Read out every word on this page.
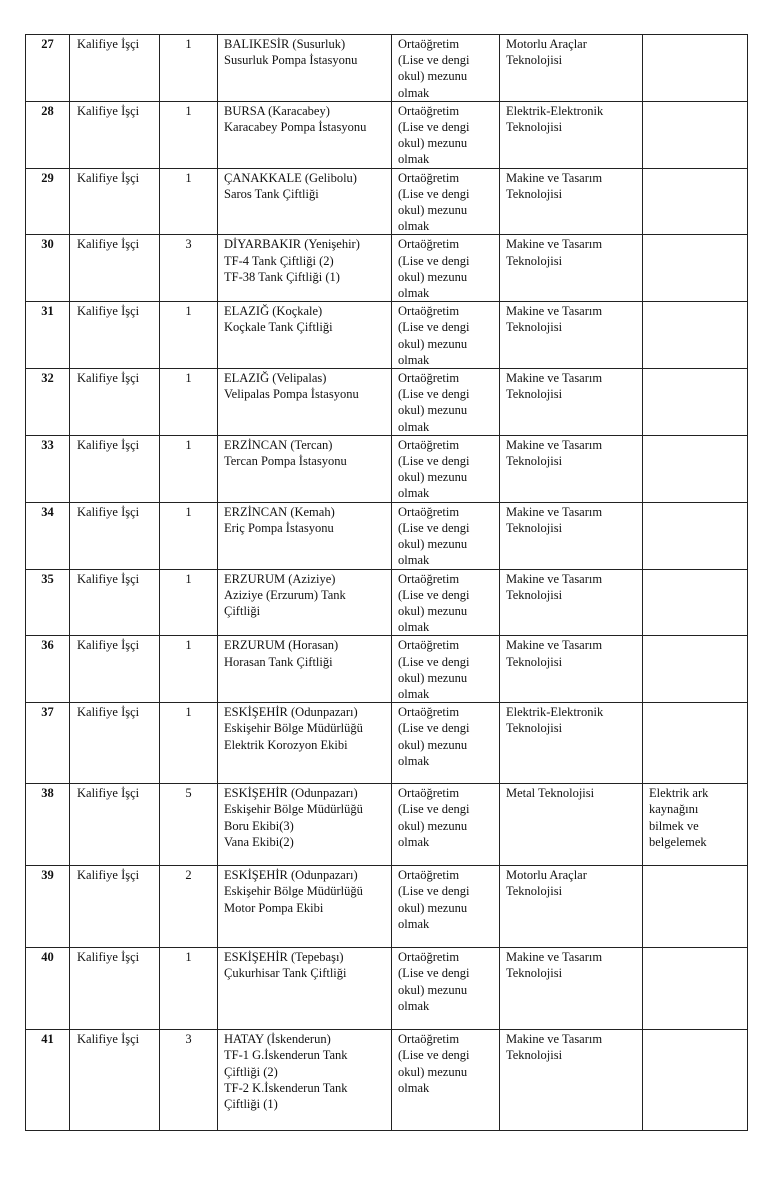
27	Kalifiye İşçi	1	BALIKESİR (Susurluk)
Susurluk Pompa İstasyonu	Ortaöğretim
(Lise ve dengi
okul) mezunu
olmak	Motorlu Araçlar
Teknolojisi	

28	Kalifiye İşçi	1	BURSA (Karacabey)
Karacabey Pompa İstasyonu	Ortaöğretim
(Lise ve dengi
okul) mezunu
olmak	Elektrik-Elektronik
Teknolojisi	

29	Kalifiye İşçi	1	ÇANAKKALE (Gelibolu)
Saros Tank Çiftliği	Ortaöğretim
(Lise ve dengi
okul) mezunu
olmak	Makine ve Tasarım
Teknolojisi	

30	Kalifiye İşçi	3	DİYARBAKIR (Yenişehir)
TF-4 Tank Çiftliği (2)
TF-38 Tank Çiftliği (1)	Ortaöğretim
(Lise ve dengi
okul) mezunu
olmak	Makine ve Tasarım
Teknolojisi	

31	Kalifiye İşçi	1	ELAZIĞ (Koçkale)
Koçkale Tank Çiftliği	Ortaöğretim
(Lise ve dengi
okul) mezunu
olmak	Makine ve Tasarım
Teknolojisi	

32	Kalifiye İşçi	1	ELAZIĞ (Velipalas)
Velipalas Pompa İstasyonu	Ortaöğretim
(Lise ve dengi
okul) mezunu
olmak	Makine ve Tasarım
Teknolojisi	

33	Kalifiye İşçi	1	ERZİNCAN (Tercan)
Tercan Pompa İstasyonu	Ortaöğretim
(Lise ve dengi
okul) mezunu
olmak	Makine ve Tasarım
Teknolojisi	

34	Kalifiye İşçi	1	ERZİNCAN (Kemah)
Eriç Pompa İstasyonu	Ortaöğretim
(Lise ve dengi
okul) mezunu
olmak	Makine ve Tasarım
Teknolojisi	

35	Kalifiye İşçi	1	ERZURUM (Aziziye)
Aziziye (Erzurum) Tank
Çiftliği	Ortaöğretim
(Lise ve dengi
okul) mezunu
olmak	Makine ve Tasarım
Teknolojisi	

36	Kalifiye İşçi	1	ERZURUM (Horasan)
Horasan Tank Çiftliği	Ortaöğretim
(Lise ve dengi
okul) mezunu
olmak	Makine ve Tasarım
Teknolojisi	

37	Kalifiye İşçi	1	ESKİŞEHİR (Odunpazarı)
Eskişehir Bölge Müdürlüğü
Elektrik Korozyon Ekibi	Ortaöğretim
(Lise ve dengi
okul) mezunu
olmak	Elektrik-Elektronik
Teknolojisi	

38	Kalifiye İşçi	5	ESKİŞEHİR (Odunpazarı)
Eskişehir Bölge Müdürlüğü
Boru Ekibi(3)
Vana Ekibi(2)	Ortaöğretim
(Lise ve dengi
okul) mezunu
olmak	Metal Teknolojisi	Elektrik ark
kaynağını
bilmek ve
belgelemek

39	Kalifiye İşçi	2	ESKİŞEHİR (Odunpazarı)
Eskişehir Bölge Müdürlüğü
Motor Pompa Ekibi	Ortaöğretim
(Lise ve dengi
okul) mezunu
olmak	Motorlu Araçlar
Teknolojisi	

40	Kalifiye İşçi	1	ESKİŞEHİR (Tepebaşı)
Çukurhisar Tank Çiftliği	Ortaöğretim
(Lise ve dengi
okul) mezunu
olmak	Makine ve Tasarım
Teknolojisi	

41	Kalifiye İşçi	3	HATAY (İskenderun)
TF-1 G.İskenderun Tank
Çiftliği (2)
TF-2 K.İskenderun Tank
Çiftliği (1)	Ortaöğretim
(Lise ve dengi
okul) mezunu
olmak	Makine ve Tasarım
Teknolojisi	
